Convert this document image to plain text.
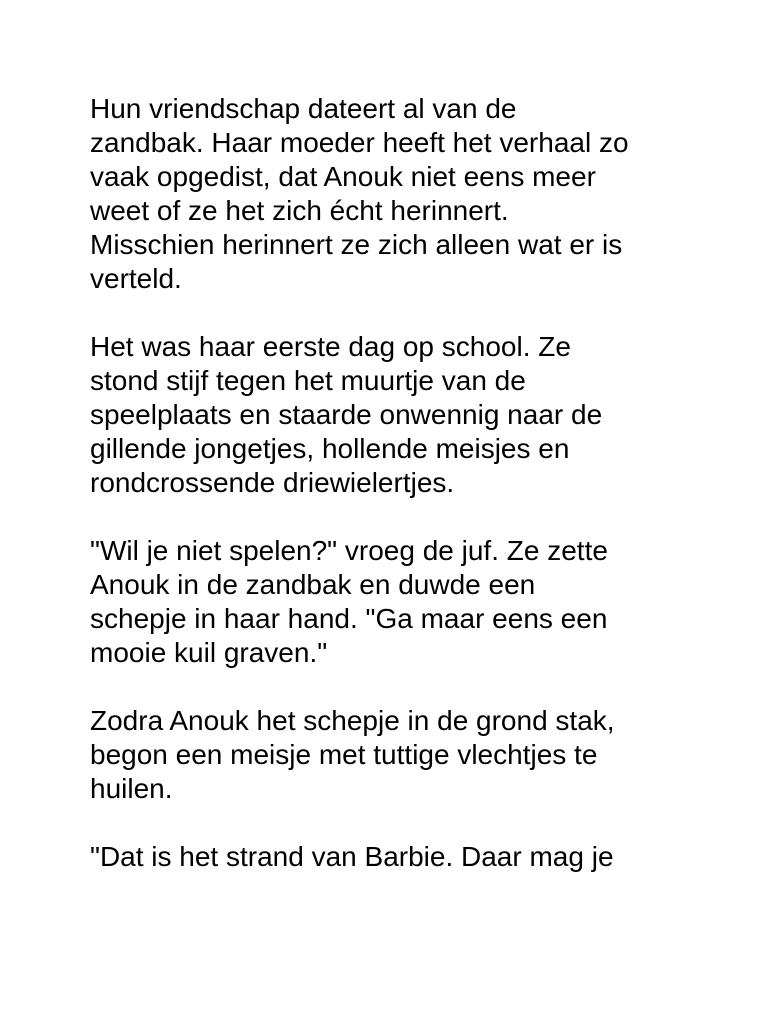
Hun vriendschap dateert al van de
zandbak. Haar moeder heeft het verhaal zo
vaak opgedist, dat Anouk niet eens meer
weet of ze het zich écht herinnert.
Misschien herinnert ze zich alleen wat er is
verteld.
Het was haar eerste dag op school. Ze
stond stijf tegen het muurtje van de
speelplaats en staarde onwennig naar de
gillende jongetjes, hollende meisjes en
rondcrossende driewielertjes.
"Wil je niet spelen?" vroeg de juf. Ze zette
Anouk in de zandbak en duwde een
schepje in haar hand. "Ga maar eens een
mooie kuil graven."
Zodra Anouk het schepje in de grond stak,
begon een meisje met tuttige vlechtjes te
huilen.
"Dat is het strand van Barbie. Daar mag je
